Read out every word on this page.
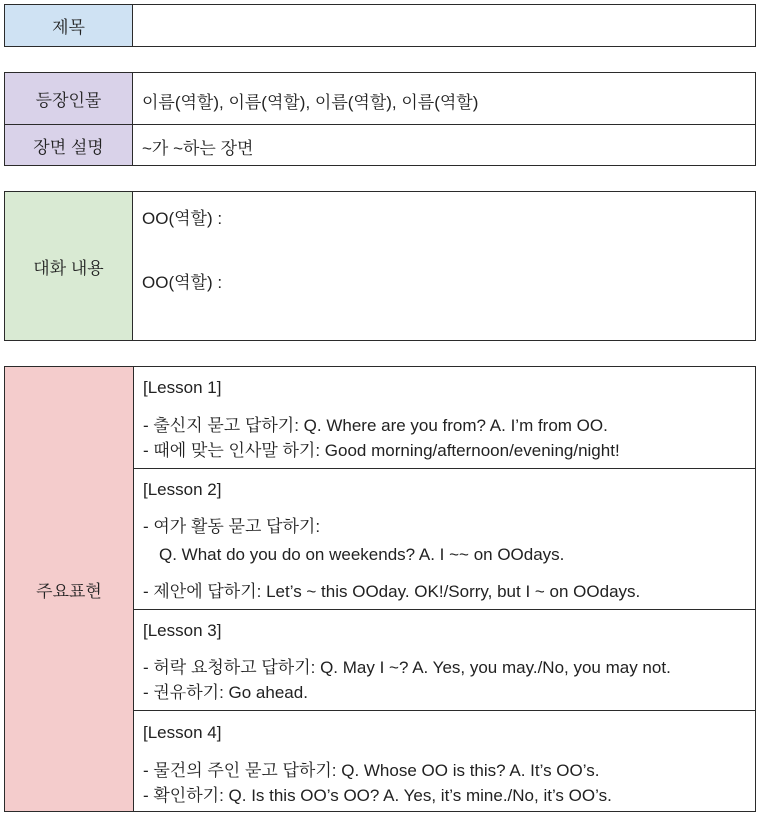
제목
등장인물 이름(역할), 이름(역할), 이름(역할), 이름(역할)
장면 설명 ~가 ~하는 장면
대화 내용
OO(역할) :
OO(역할) :
주요표현
[Lesson 1]
- 출신지 묻고 답하기: Q. Where are you from? A. I’m from OO.
- 때에 맞는 인사말 하기: Good morning/afternoon/evening/night!
[Lesson 2]
- 여가 활동 묻고 답하기:
Q. What do you do on weekends? A. I ~~ on OOdays.
- 제안에 답하기: Let’s ~ this OOday. OK!/Sorry, but I ~ on OOdays.
[Lesson 3]
- 허락 요청하고 답하기: Q. May I ~? A. Yes, you may./No, you may not.
- 권유하기: Go ahead.
[Lesson 4]
- 물건의 주인 묻고 답하기: Q. Whose OO is this? A. It’s OO’s.
- 확인하기: Q. Is this OO’s OO? A. Yes, it’s mine./No, it’s OO’s.
